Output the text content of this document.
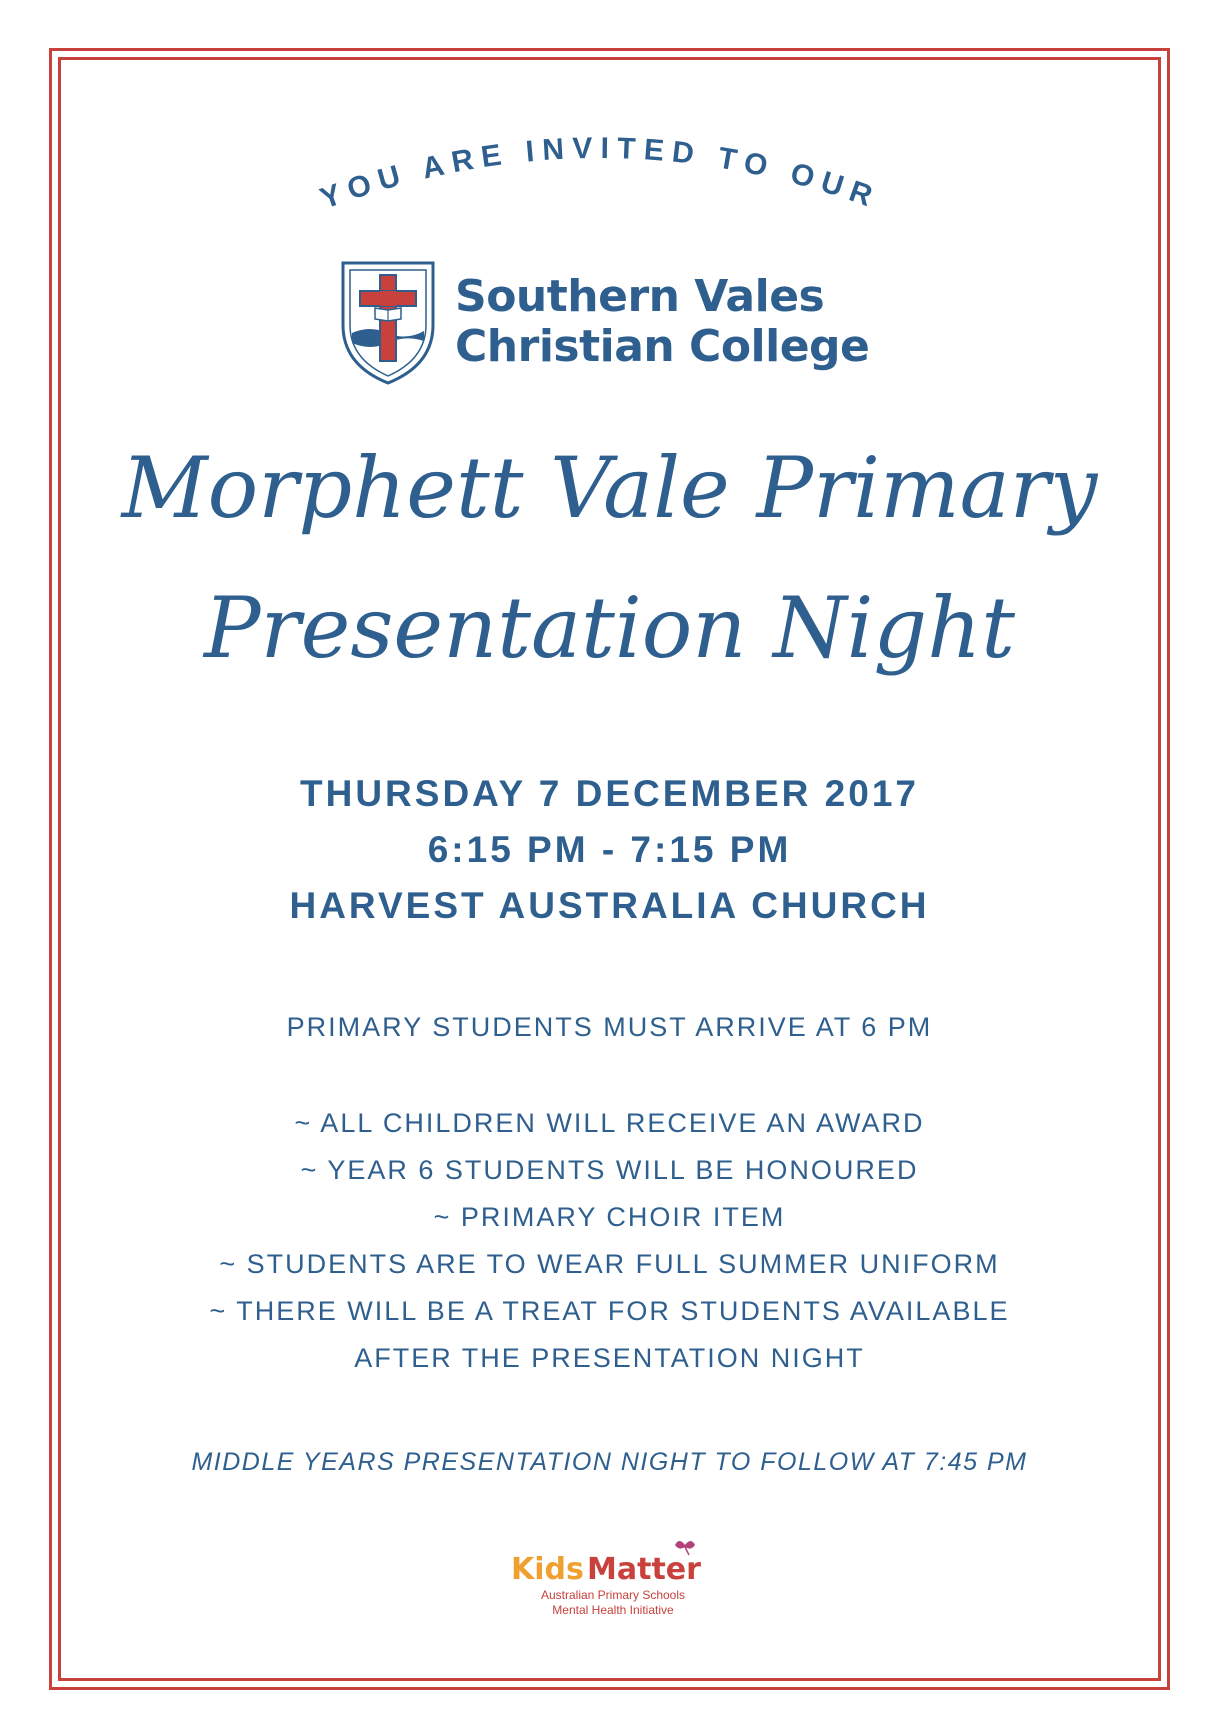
YOU ARE INVITED TO OUR
Southern Vales
Christian College
Morphett Vale Primary
Presentation Night
THURSDAY 7 DECEMBER 2017
6:15 PM - 7:15 PM
HARVEST AUSTRALIA CHURCH
PRIMARY STUDENTS MUST ARRIVE AT 6 PM
~ ALL CHILDREN WILL RECEIVE AN AWARD
~ YEAR 6 STUDENTS WILL BE HONOURED
~ PRIMARY CHOIR ITEM
~ STUDENTS ARE TO WEAR FULL SUMMER UNIFORM
~ THERE WILL BE A TREAT FOR STUDENTS AVAILABLE
AFTER THE PRESENTATION NIGHT
MIDDLE YEARS PRESENTATION NIGHT TO FOLLOW AT 7:45 PM
Kids Matter
Australian Primary Schools
Mental Health Initiative
